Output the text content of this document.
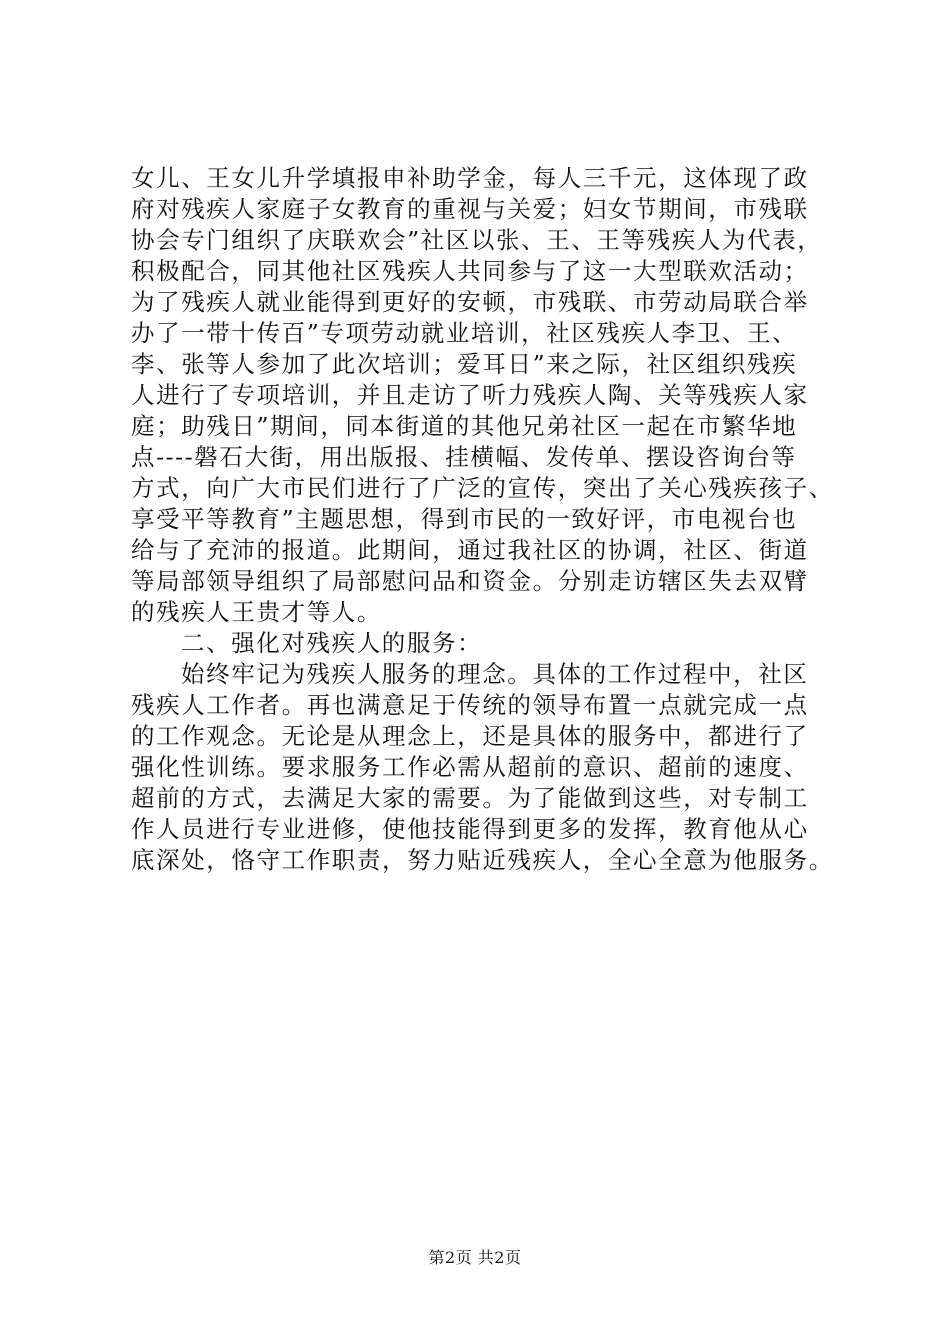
女儿、王女儿升学填报申补助学金，每人三千元，这体现了政
府对残疾人家庭子女教育的重视与关爱；妇女节期间，市残联
协会专门组织了庆联欢会”社区以张、王、王等残疾人为代表，
积极配合，同其他社区残疾人共同参与了这一大型联欢活动；
为了残疾人就业能得到更好的安顿，市残联、市劳动局联合举
办了一带十传百”专项劳动就业培训，社区残疾人李卫、王、
李、张等人参加了此次培训；爱耳日”来之际，社区组织残疾
人进行了专项培训，并且走访了听力残疾人陶、关等残疾人家
庭；助残日”期间，同本街道的其他兄弟社区一起在市繁华地
点----磐石大街，用出版报、挂横幅、发传单、摆设咨询台等
方式，向广大市民们进行了广泛的宣传，突出了关心残疾孩子、
享受平等教育”主题思想，得到市民的一致好评，市电视台也
给与了充沛的报道。此期间，通过我社区的协调，社区、街道
等局部领导组织了局部慰问品和资金。分别走访辖区失去双臂
的残疾人王贵才等人。
二、强化对残疾人的服务：
始终牢记为残疾人服务的理念。具体的工作过程中，社区
残疾人工作者。再也满意足于传统的领导布置一点就完成一点
的工作观念。无论是从理念上，还是具体的服务中，都进行了
强化性训练。要求服务工作必需从超前的意识、超前的速度、
超前的方式，去满足大家的需要。为了能做到这些，对专制工
作人员进行专业进修，使他技能得到更多的发挥，教育他从心
底深处，恪守工作职责，努力贴近残疾人，全心全意为他服务。
第2页 共2页
